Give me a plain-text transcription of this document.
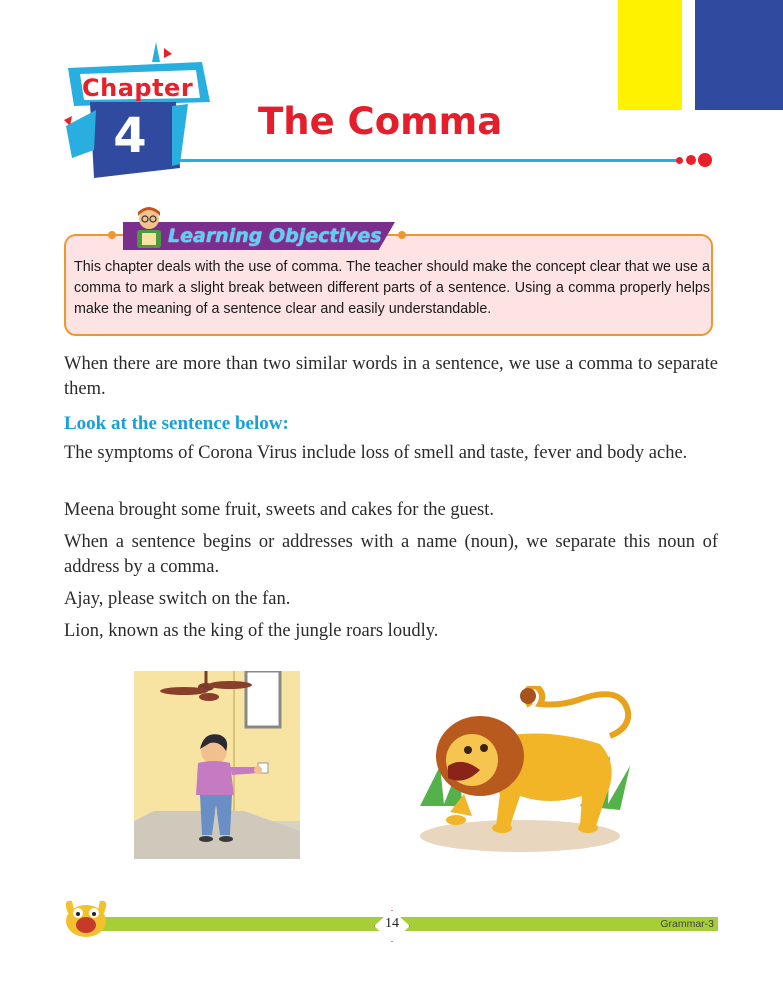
Chapter
4	The Comma
Learning Objectives
This chapter deals with the use of comma. The teacher should make the concept clear that we use a comma to mark a slight break between different parts of a sentence. Using a comma properly helps make the meaning of a sentence clear and easily understandable.

When there are more than two similar words in a sentence, we use a comma to separate them.

Look at the sentence below:

The symptoms of Corona Virus include loss of smell and taste, fever and body ache.

Meena brought some fruit, sweets and cakes for the guest.

When a sentence begins or addresses with a name (noun), we separate this noun of address by a comma.

Ajay, please switch on the fan.

Lion, known as the king of the jungle roars loudly.

14	Grammar-3
